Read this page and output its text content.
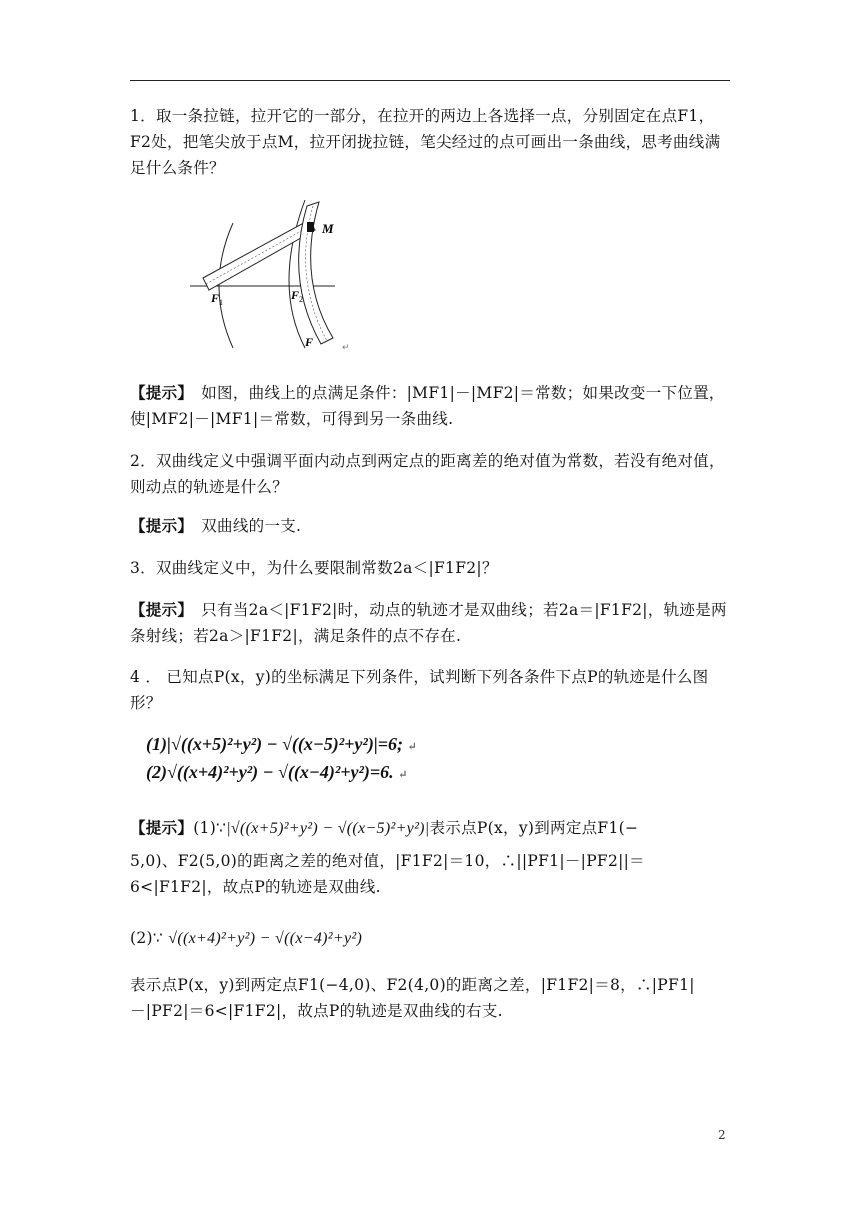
1．取一条拉链，拉开它的一部分，在拉开的两边上各选择一点，分别固定在点F1，F2处，把笔尖放于点M，拉开闭拢拉链，笔尖经过的点可画出一条曲线，思考曲线满足什么条件？
M
F 1
F 2
F	↵
【提示】　如图，曲线上的点满足条件：|MF1|－|MF2|＝常数；如果改变一下位置，使|MF2|－|MF1|＝常数，可得到另一条曲线.
2．双曲线定义中强调平面内动点到两定点的距离差的绝对值为常数，若没有绝对值，则动点的轨迹是什么？
【提示】　双曲线的一支.
3．双曲线定义中，为什么要限制常数2a＜|F1F2|？
【提示】　只有当2a＜|F1F2|时，动点的轨迹才是双曲线；若2a＝|F1F2|，轨迹是两条射线；若2a＞|F1F2|，满足条件的点不存在.
4 ． 已知点P(x，y)的坐标满足下列条件，试判断下列各条件下点P的轨迹是什么图形？
(1)|√((x+5)²+y²) − √((x−5)²+y²)|=6; ↵
(2)√((x+4)²+y²) − √((x−4)²+y²)=6. ↵
【提示】(1)∵|√((x+5)²+y²) − √((x−5)²+y²)|表示点P(x，y)到两定点F1(−
5,0)、F2(5,0)的距离之差的绝对值，|F1F2|＝10，∴||PF1|－|PF2||＝6<|F1F2|，故点P的轨迹是双曲线.
(2)∵ √((x+4)²+y²) − √((x−4)²+y²)
表示点P(x，y)到两定点F1(−4,0)、F2(4,0)的距离之差，|F1F2|＝8，∴|PF1|－|PF2|＝6<|F1F2|，故点P的轨迹是双曲线的右支.
2
